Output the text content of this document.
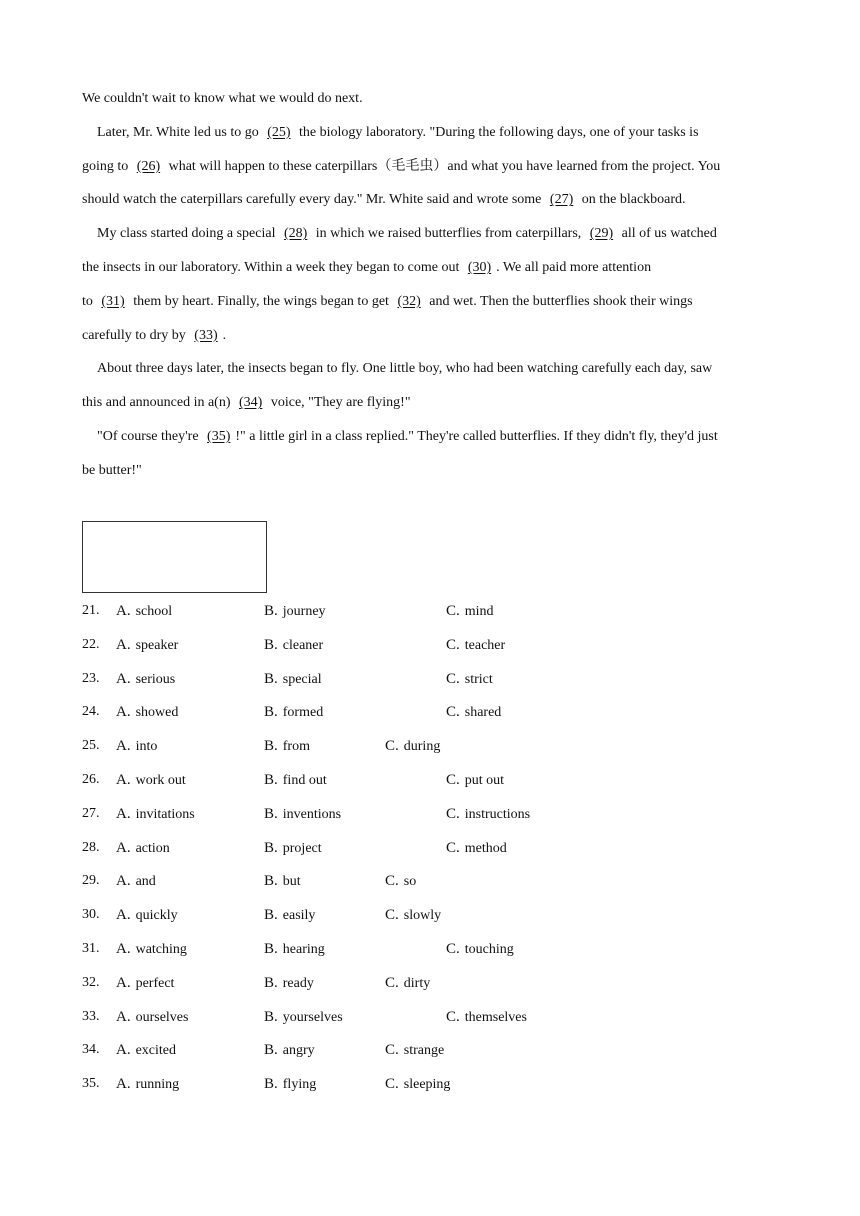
We couldn't wait to know what we would do next.
Later, Mr. White led us to go (25) the biology laboratory. "During the following days, one of your tasks is
going to (26) what will happen to these caterpillars（毛毛虫）and what you have learned from the project. You
should watch the caterpillars carefully every day." Mr. White said and wrote some (27) on the blackboard.
My class started doing a special (28) in which we raised butterflies from caterpillars, (29) all of us watched
the insects in our laboratory. Within a week they began to come out (30) . We all paid more attention
to (31) them by heart. Finally, the wings began to get (32) and wet. Then the butterflies shook their wings
carefully to dry by (33) .
About three days later, the insects began to fly. One little boy, who had been watching carefully each day, saw
this and announced in a(n) (34) voice, "They are flying!"
"Of course they're (35) !" a little girl in a class replied." They're called butterflies. If they didn't fly, they'd just
be butter!"
21. A. school	B. journey	C. mind
22. A. speaker	B. cleaner	C. teacher
23. A. serious	B. special	C. strict
24. A. showed	B. formed	C. shared
25. A. into	B. from	C. during
26. A. work out	B. find out	C. put out
27. A. invitations	B. inventions	C. instructions
28. A. action	B. project	C. method
29. A. and	B. but	C. so
30. A. quickly	B. easily	C. slowly
31. A. watching	B. hearing	C. touching
32. A. perfect	B. ready	C. dirty
33. A. ourselves	B. yourselves	C. themselves
34. A. excited	B. angry	C. strange
35. A. running	B. flying	C. sleeping
